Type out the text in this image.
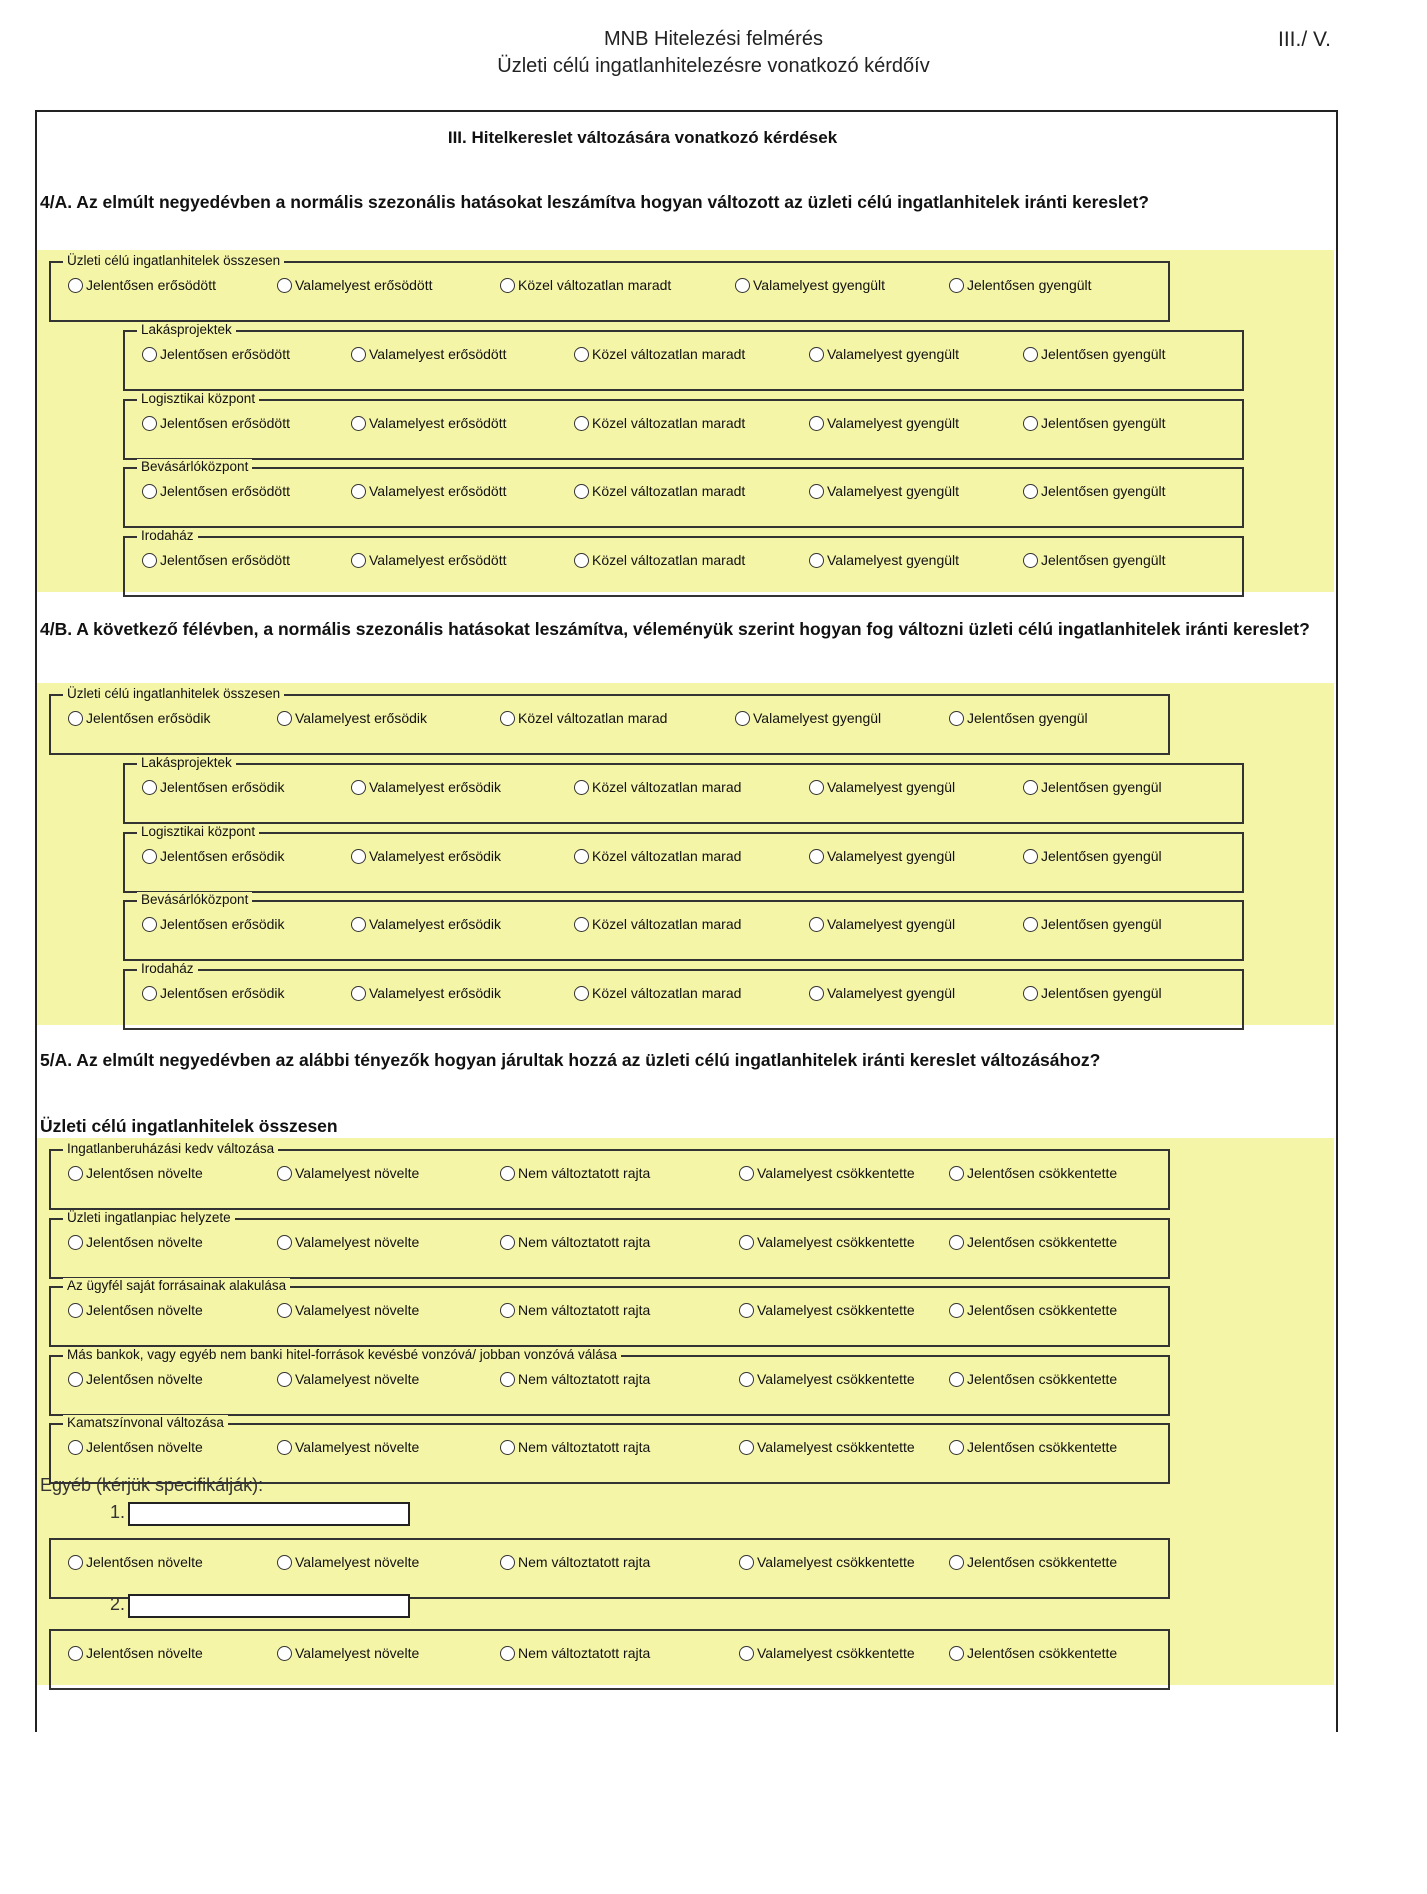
MNB Hitelezési felmérés
Üzleti célú ingatlanhitelezésre vonatkozó kérdőív
III./ V.
III. Hitelkereslet változására vonatkozó kérdések
4/A. Az elmúlt negyedévben a normális szezonális hatásokat leszámítva hogyan változott az üzleti célú ingatlanhitelek iránti kereslet?
4/B. A következő félévben, a normális szezonális hatásokat leszámítva, véleményük szerint hogyan fog változni üzleti célú ingatlanhitelek iránti kereslet?
5/A. Az elmúlt negyedévben az alábbi tényezők hogyan járultak hozzá az üzleti célú ingatlanhitelek iránti kereslet változásához?
Üzleti célú ingatlanhitelek összesen
Üzleti célú ingatlanhitelek összesen
Jelentősen erősödött	Valamelyest erősödött	Közel változatlan maradt	Valamelyest gyengült	Jelentősen gyengült
Lakásprojektek
Jelentősen erősödött	Valamelyest erősödött	Közel változatlan maradt	Valamelyest gyengült	Jelentősen gyengült
Logisztikai központ
Jelentősen erősödött	Valamelyest erősödött	Közel változatlan maradt	Valamelyest gyengült	Jelentősen gyengült
Bevásárlóközpont
Jelentősen erősödött	Valamelyest erősödött	Közel változatlan maradt	Valamelyest gyengült	Jelentősen gyengült
Irodaház
Jelentősen erősödött	Valamelyest erősödött	Közel változatlan maradt	Valamelyest gyengült	Jelentősen gyengült
Üzleti célú ingatlanhitelek összesen
Jelentősen erősödik	Valamelyest erősödik	Közel változatlan marad	Valamelyest gyengül	Jelentősen gyengül
Lakásprojektek
Jelentősen erősödik	Valamelyest erősödik	Közel változatlan marad	Valamelyest gyengül	Jelentősen gyengül
Logisztikai központ
Jelentősen erősödik	Valamelyest erősödik	Közel változatlan marad	Valamelyest gyengül	Jelentősen gyengül
Bevásárlóközpont
Jelentősen erősödik	Valamelyest erősödik	Közel változatlan marad	Valamelyest gyengül	Jelentősen gyengül
Irodaház
Jelentősen erősödik	Valamelyest erősödik	Közel változatlan marad	Valamelyest gyengül	Jelentősen gyengül
Ingatlanberuházási kedv változása
Jelentősen növelte	Valamelyest növelte	Nem változtatott rajta	Valamelyest csökkentette	Jelentősen csökkentette
Üzleti ingatlanpiac helyzete
Jelentősen növelte	Valamelyest növelte	Nem változtatott rajta	Valamelyest csökkentette	Jelentősen csökkentette
Az ügyfél saját forrásainak alakulása
Jelentősen növelte	Valamelyest növelte	Nem változtatott rajta	Valamelyest csökkentette	Jelentősen csökkentette
Más bankok, vagy egyéb nem banki hitel-források kevésbé vonzóvá/ jobban vonzóvá válása
Jelentősen növelte	Valamelyest növelte	Nem változtatott rajta	Valamelyest csökkentette	Jelentősen csökkentette
Kamatszínvonal változása
Jelentősen növelte	Valamelyest növelte	Nem változtatott rajta	Valamelyest csökkentette	Jelentősen csökkentette
Jelentősen növelte	Valamelyest növelte	Nem változtatott rajta	Valamelyest csökkentette	Jelentősen csökkentette
Jelentősen növelte	Valamelyest növelte	Nem változtatott rajta	Valamelyest csökkentette	Jelentősen csökkentette
Egyéb (kérjük specifikálják):
1.
2.
